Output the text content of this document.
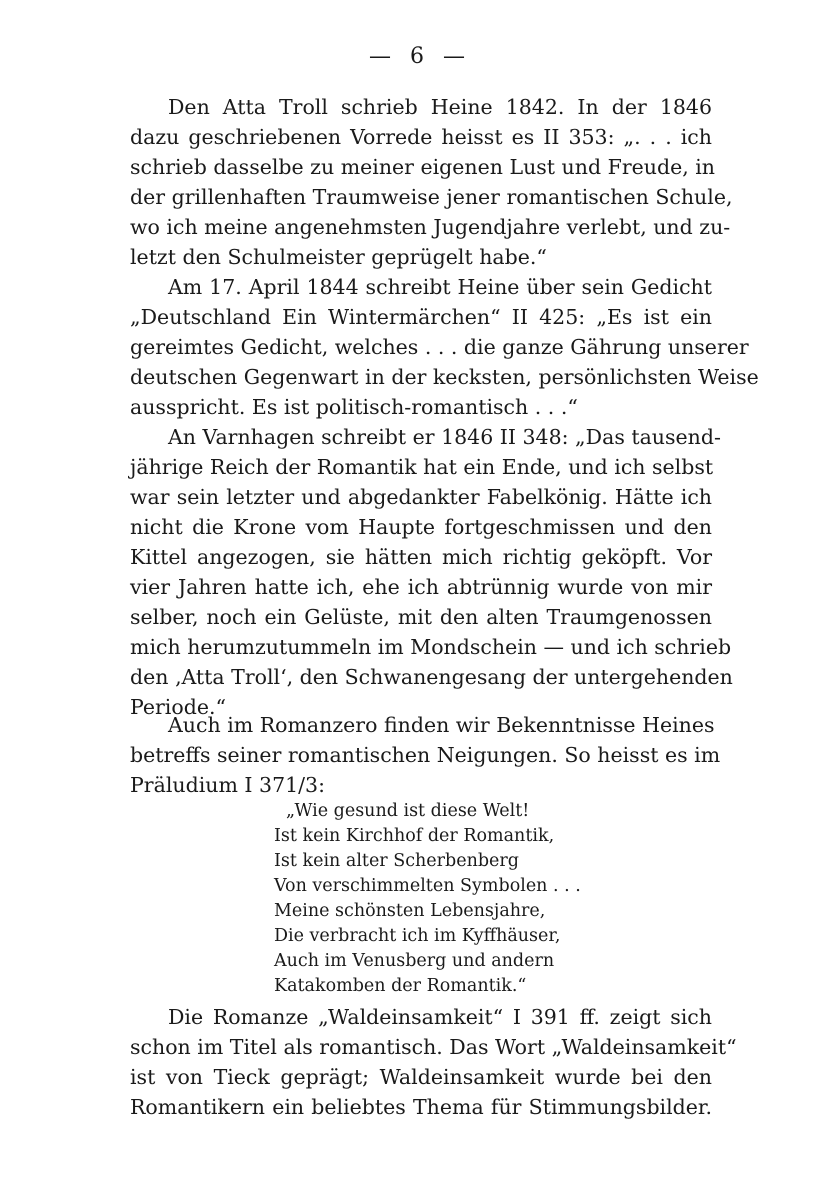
— 6 —
Den Atta Troll schrieb Heine 1842. In der 1846
dazu geschriebenen Vorrede heisst es II 353: „. . . ich
schrieb dasselbe zu meiner eigenen Lust und Freude, in
der grillenhaften Traumweise jener romantischen Schule,
wo ich meine angenehmsten Jugendjahre verlebt, und zu-
letzt den Schulmeister geprügelt habe.“
Am 17. April 1844 schreibt Heine über sein Gedicht
„Deutschland Ein Wintermärchen“ II 425: „Es ist ein
gereimtes Gedicht, welches . . . die ganze Gährung unserer
deutschen Gegenwart in der kecksten, persönlichsten Weise
ausspricht. Es ist politisch-romantisch . . .“
An Varnhagen schreibt er 1846 II 348: „Das tausend-
jährige Reich der Romantik hat ein Ende, und ich selbst
war sein letzter und abgedankter Fabelkönig. Hätte ich
nicht die Krone vom Haupte fortgeschmissen und den
Kittel angezogen, sie hätten mich richtig geköpft. Vor
vier Jahren hatte ich, ehe ich abtrünnig wurde von mir
selber, noch ein Gelüste, mit den alten Traumgenossen
mich herumzutummeln im Mondschein — und ich schrieb
den ‚Atta Troll‘, den Schwanengesang der untergehenden
Periode.“
Auch im Romanzero finden wir Bekenntnisse Heines
betreffs seiner romantischen Neigungen. So heisst es im
Präludium I 371/3:
„Wie gesund ist diese Welt!
Ist kein Kirchhof der Romantik,
Ist kein alter Scherbenberg
Von verschimmelten Symbolen . . .
Meine schönsten Lebensjahre,
Die verbracht ich im Kyffhäuser,
Auch im Venusberg und andern
Katakomben der Romantik.“
Die Romanze „Waldeinsamkeit“ I 391 ff. zeigt sich
schon im Titel als romantisch. Das Wort „Waldeinsamkeit“
ist von Tieck geprägt; Waldeinsamkeit wurde bei den
Romantikern ein beliebtes Thema für Stimmungsbilder.
